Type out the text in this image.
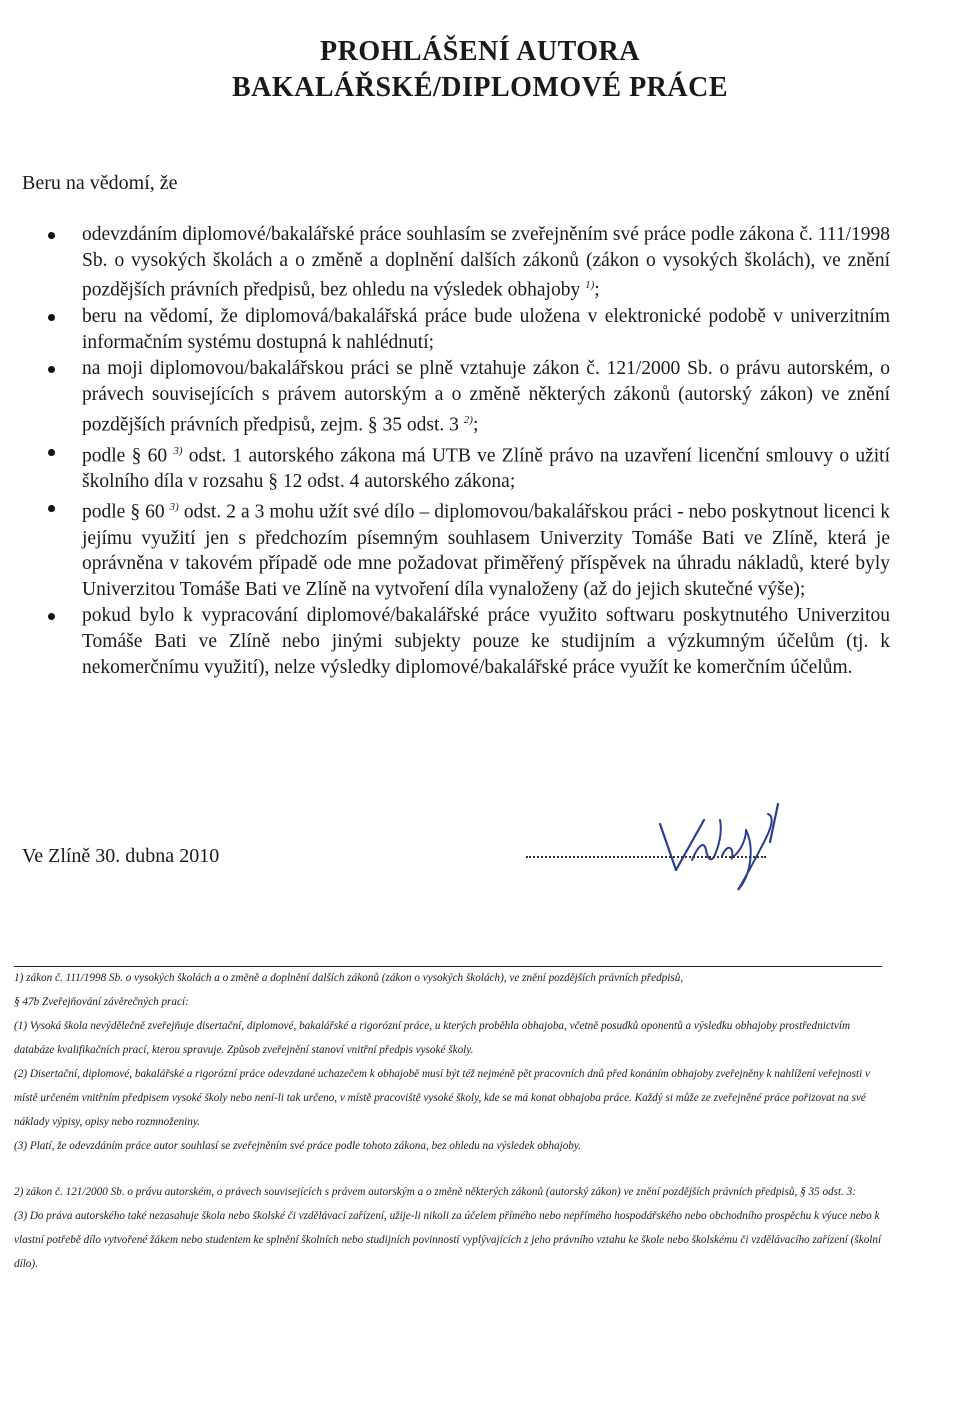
PROHLÁŠENÍ AUTORA
BAKALÁŘSKÉ/DIPLOMOVÉ PRÁCE
Beru na vědomí, že
odevzdáním diplomové/bakalářské práce souhlasím se zveřejněním své práce podle zákona č. 111/1998 Sb. o vysokých školách a o změně a doplnění dalších zákonů (zákon o vysokých školách), ve znění pozdějších právních předpisů, bez ohledu na výsledek obhajoby $^{1)}$;
beru na vědomí, že diplomová/bakalářská práce bude uložena v elektronické podobě v univerzitním informačním systému dostupná k nahlédnutí;
na moji diplomovou/bakalářskou práci se plně vztahuje zákon č. 121/2000 Sb. o právu autorském, o právech souvisejících s právem autorským a o změně některých zákonů (autorský zákon) ve znění pozdějších právních předpisů, zejm. § 35 odst. 3 $^{2)}$;
podle § 60 $^{3)}$ odst. 1 autorského zákona má UTB ve Zlíně právo na uzavření licenční smlouvy o užití školního díla v rozsahu § 12 odst. 4 autorského zákona;
podle § 60 $^{3)}$ odst. 2 a 3 mohu užít své dílo – diplomovou/bakalářskou práci - nebo poskytnout licenci k jejímu využití jen s předchozím písemným souhlasem Univerzity Tomáše Bati ve Zlíně, která je oprávněna v takovém případě ode mne požadovat přiměřený příspěvek na úhradu nákladů, které byly Univerzitou Tomáše Bati ve Zlíně na vytvoření díla vynaloženy (až do jejich skutečné výše);
pokud bylo k vypracování diplomové/bakalářské práce využito softwaru poskytnutého Univerzitou Tomáše Bati ve Zlíně nebo jinými subjekty pouze ke studijním a výzkumným účelům (tj. k nekomerčnímu využití), nelze výsledky diplomové/bakalářské práce využít ke komerčním účelům.
Ve Zlíně 30. dubna 2010

1) zákon č. 111/1998 Sb. o vysokých školách a o změně a doplnění dalších zákonů (zákon o vysokých školách), ve znění pozdějších právních předpisů,

§ 47b Zveřejňování závěrečných prací:

(1) Vysoká škola nevýdělečně zveřejňuje disertační, diplomové, bakalářské a rigorózní práce, u kterých proběhla obhajoba, včetně posudků oponentů a výsledku obhajoby prostřednictvím databáze kvalifikačních prací, kterou spravuje. Způsob zveřejnění stanoví vnitřní předpis vysoké školy.

(2) Disertační, diplomové, bakalářské a rigorózní práce odevzdané uchazečem k obhajobě musí být též nejméně pět pracovních dnů před konáním obhajoby zveřejněny k nahlížení veřejnosti v místě určeném vnitřním předpisem vysoké školy nebo není-li tak určeno, v místě pracoviště vysoké školy, kde se má konat obhajoba práce. Každý si může ze zveřejněné práce pořizovat na své náklady výpisy, opisy nebo rozmnoženiny.

(3) Platí, že odevzdáním práce autor souhlasí se zveřejněním své práce podle tohoto zákona, bez ohledu na výsledek obhajoby.

2) zákon č. 121/2000 Sb. o právu autorském, o právech souvisejících s právem autorským a o změně některých zákonů (autorský zákon) ve znění pozdějších právních předpisů, § 35 odst. 3:

(3) Do práva autorského také nezasahuje škola nebo školské či vzdělávací zařízení, užije-li nikoli za účelem přímého nebo nepřímého hospodářského nebo obchodního prospěchu k výuce nebo k vlastní potřebě dílo vytvořené žákem nebo studentem ke splnění školních nebo studijních povinností vyplývajících z jeho právního vztahu ke škole nebo školskému či vzdělávacího zařízení (školní dílo).
